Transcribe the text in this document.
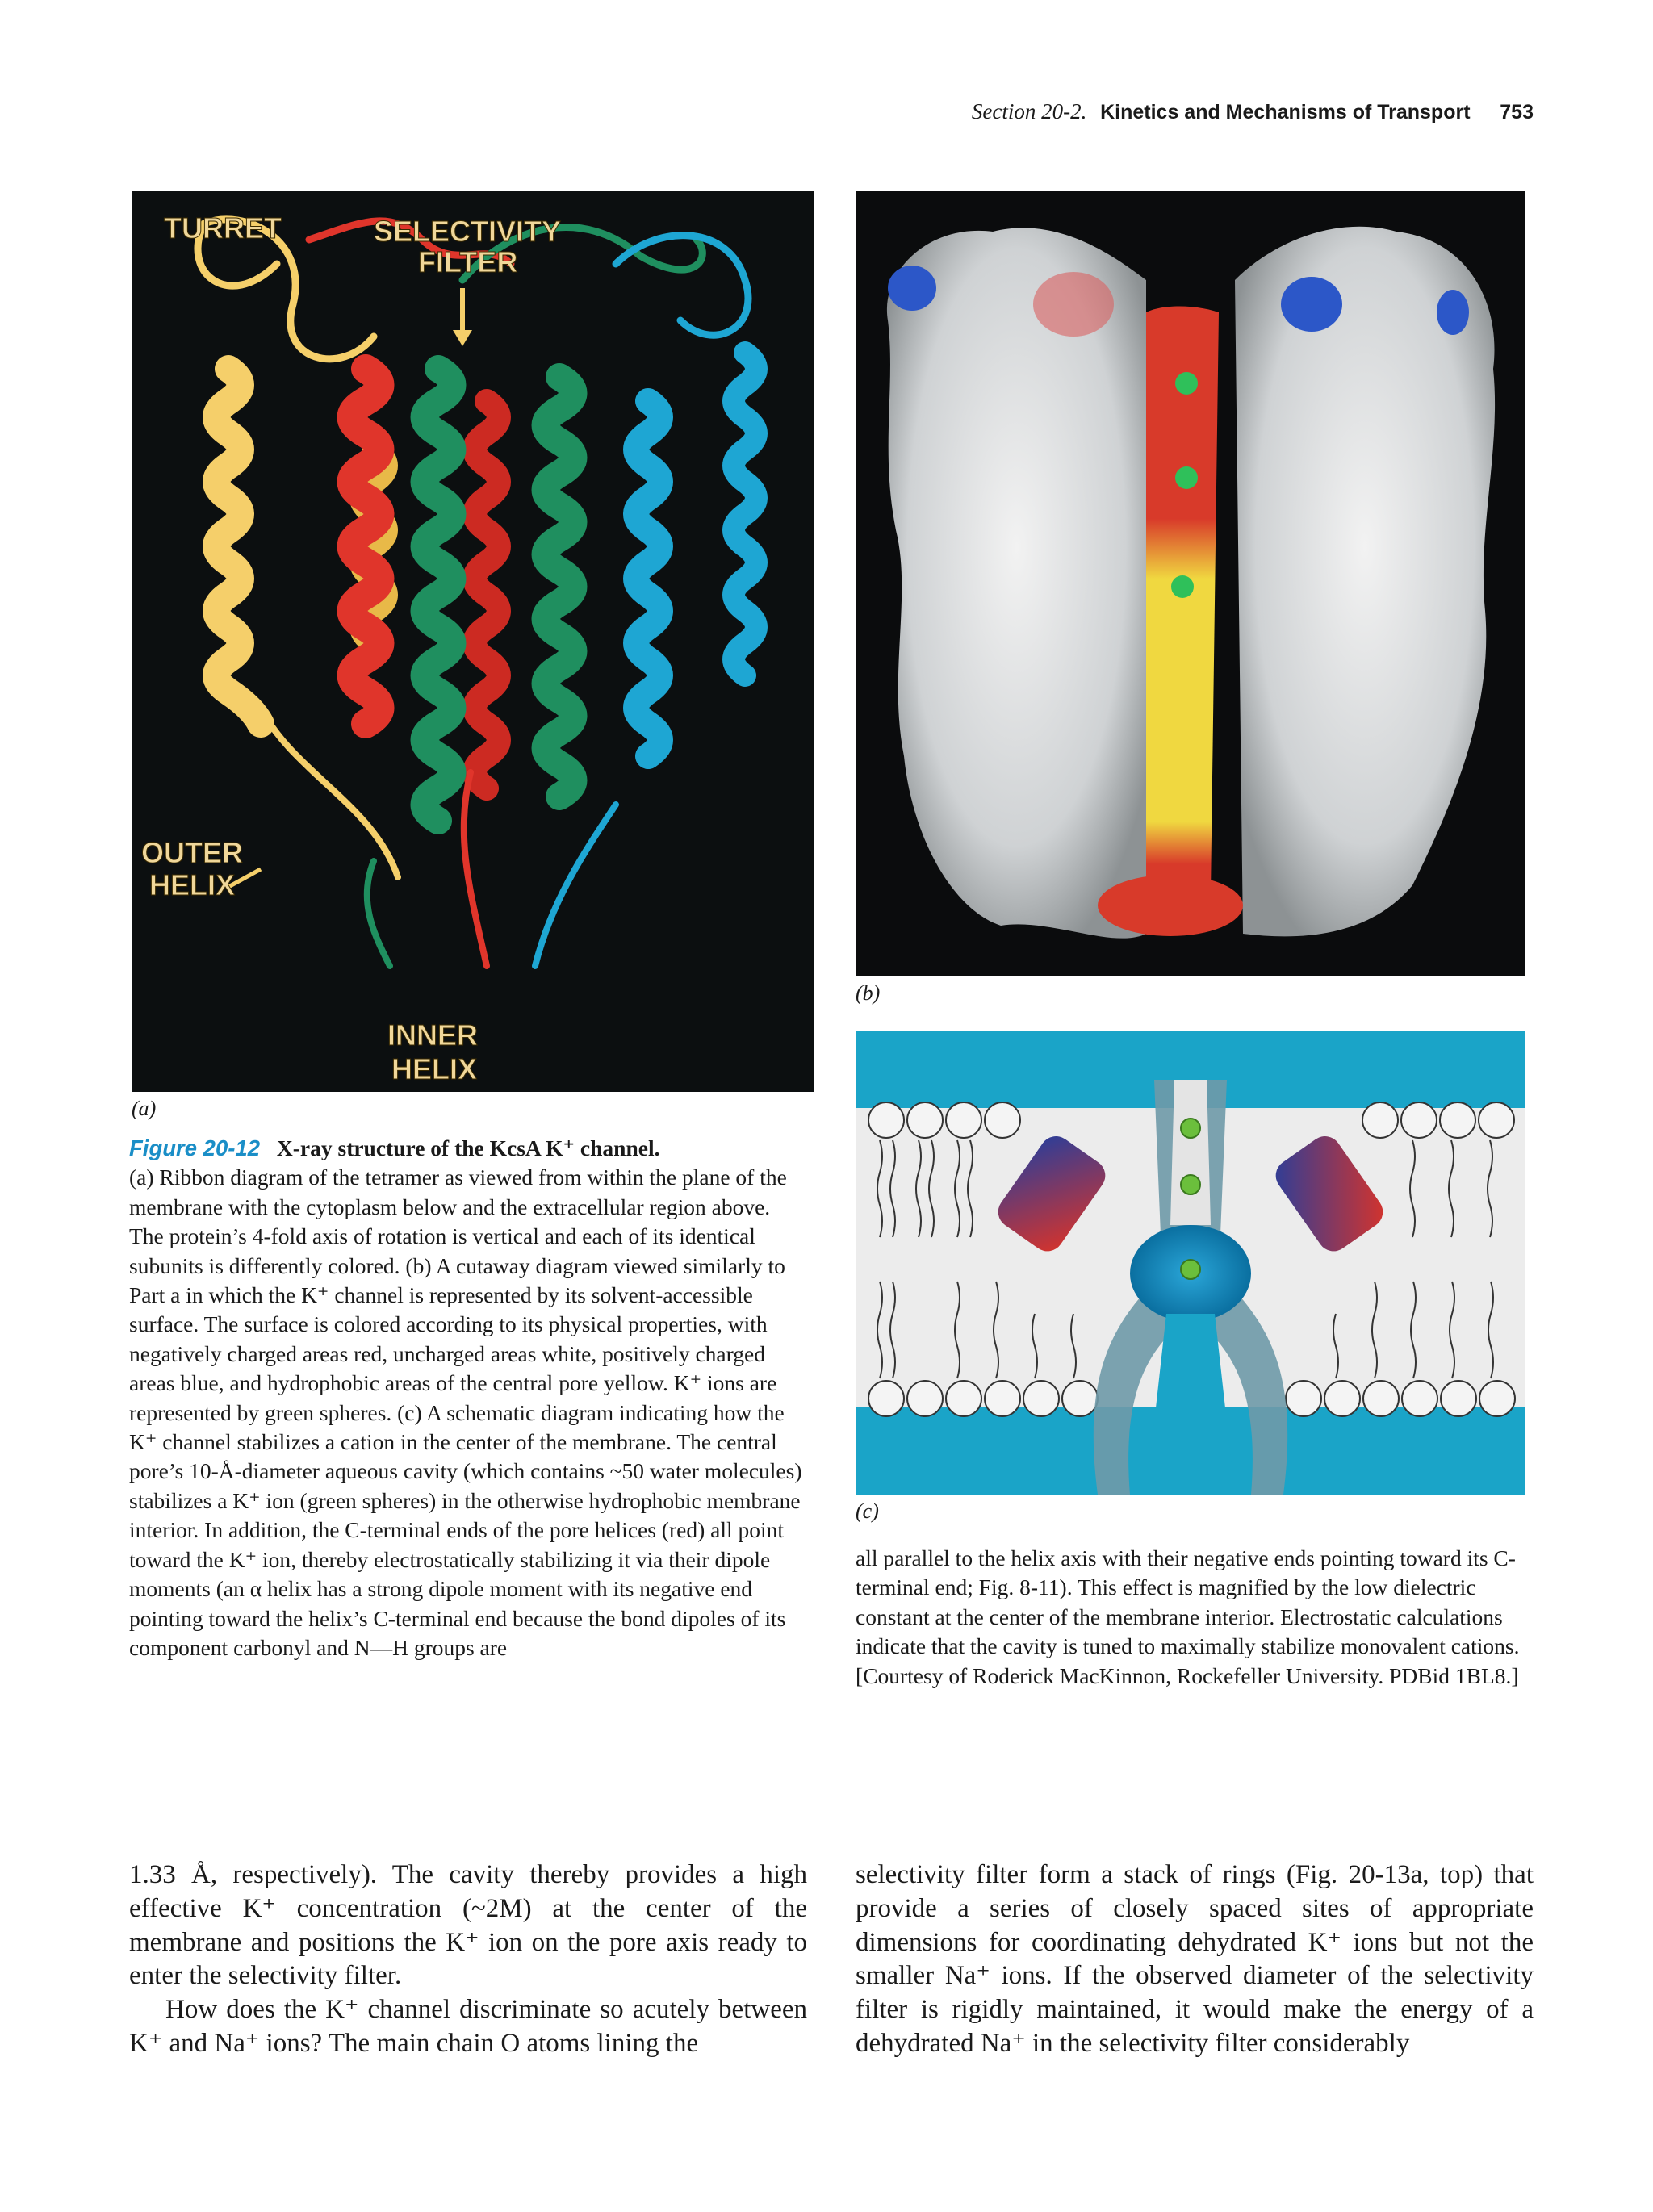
Section 20-2. Kinetics and Mechanisms of Transport 753
TURRET	SELECTIVITY
FILTER
OUTER
HELIX
INNER
HELIX
(a)
(b)
(c)

Figure 20-12 X-ray structure of the KcsA K⁺ channel.

(a) Ribbon diagram of the tetramer as viewed from within the plane of the membrane with the cytoplasm below and the extracellular region above. The protein’s 4-fold axis of rotation is vertical and each of its identical subunits is differently colored. (b) A cutaway diagram viewed similarly to Part a in which the K⁺ channel is represented by its solvent-accessible surface. The surface is colored according to its physical properties, with negatively charged areas red, uncharged areas white, positively charged areas blue, and hydrophobic areas of the central pore yellow. K⁺ ions are represented by green spheres. (c) A schematic diagram indicating how the K⁺ channel stabilizes a cation in the center of the membrane. The central pore’s 10-Å-diameter aqueous cavity (which contains ~50 water molecules) stabilizes a K⁺ ion (green spheres) in the otherwise hydrophobic membrane interior. In addition, the C-terminal ends of the pore helices (red) all point toward the K⁺ ion, thereby electrostatically stabilizing it via their dipole moments (an α helix has a strong dipole moment with its negative end pointing toward the helix’s C-terminal end because the bond dipoles of its component carbonyl and N—H groups are

all parallel to the helix axis with their negative ends pointing toward its C-terminal end; Fig. 8-11). This effect is magnified by the low dielectric constant at the center of the membrane interior. Electrostatic calculations indicate that the cavity is tuned to maximally stabilize monovalent cations. [Courtesy of Roderick MacKinnon, Rockefeller University. PDBid 1BL8.]

1.33 Å, respectively). The cavity thereby provides a high effective K⁺ concentration (~2M) at the center of the membrane and positions the K⁺ ion on the pore axis ready to enter the selectivity filter.

How does the K⁺ channel discriminate so acutely between K⁺ and Na⁺ ions? The main chain O atoms lining the

selectivity filter form a stack of rings (Fig. 20-13a, top) that provide a series of closely spaced sites of appropriate dimensions for coordinating dehydrated K⁺ ions but not the smaller Na⁺ ions. If the observed diameter of the selectivity filter is rigidly maintained, it would make the energy of a dehydrated Na⁺ in the selectivity filter considerably
